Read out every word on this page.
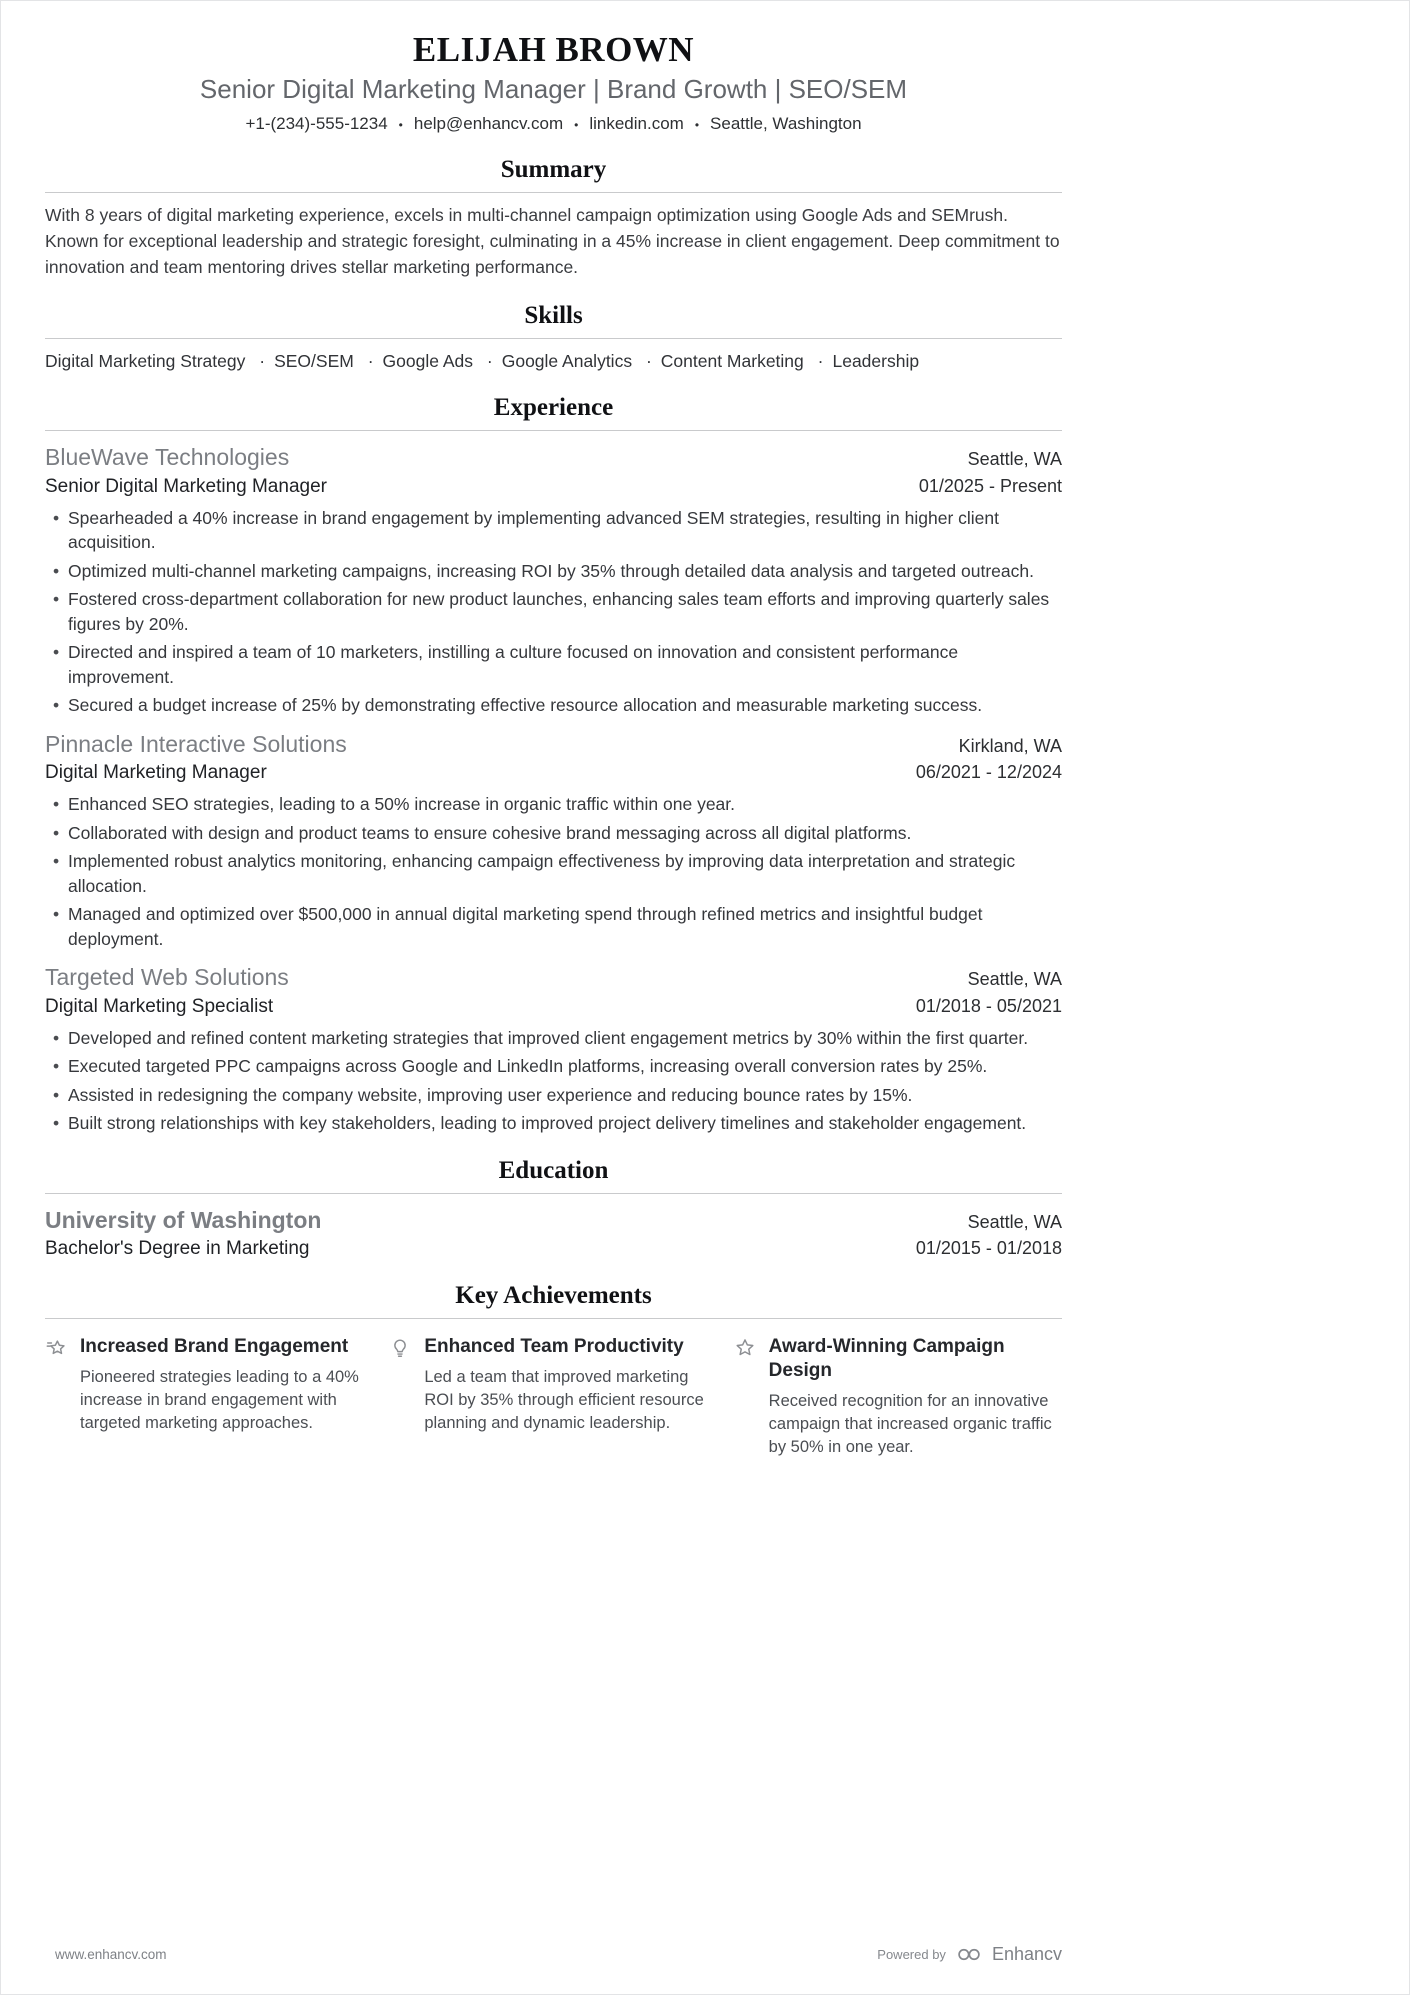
ELIJAH BROWN
Senior Digital Marketing Manager | Brand Growth | SEO/SEM
+1-(234)-555-1234	• help@enhancv.com	• linkedin.com	• Seattle, Washington
Summary

With 8 years of digital marketing experience, excels in multi-channel campaign optimization using Google Ads and SEMrush. Known for exceptional leadership and strategic foresight, culminating in a 45% increase in client engagement. Deep commitment to innovation and team mentoring drives stellar marketing performance.

Skills
Digital Marketing Strategy · SEO/SEM · Google Ads · Google Analytics · Content Marketing · Leadership
Experience
BlueWave Technologies	Seattle, WA
Senior Digital Marketing Manager	01/2025 - Present
• Spearheaded a 40% increase in brand engagement by implementing advanced SEM strategies, resulting in higher client acquisition.
• Optimized multi-channel marketing campaigns, increasing ROI by 35% through detailed data analysis and targeted outreach.
• Fostered cross-department collaboration for new product launches, enhancing sales team efforts and improving quarterly sales figures by 20%.
• Directed and inspired a team of 10 marketers, instilling a culture focused on innovation and consistent performance improvement.
• Secured a budget increase of 25% by demonstrating effective resource allocation and measurable marketing success.
Pinnacle Interactive Solutions	Kirkland, WA
Digital Marketing Manager	06/2021 - 12/2024
• Enhanced SEO strategies, leading to a 50% increase in organic traffic within one year.
• Collaborated with design and product teams to ensure cohesive brand messaging across all digital platforms.
• Implemented robust analytics monitoring, enhancing campaign effectiveness by improving data interpretation and strategic allocation.
• Managed and optimized over $500,000 in annual digital marketing spend through refined metrics and insightful budget deployment.
Targeted Web Solutions	Seattle, WA
Digital Marketing Specialist	01/2018 - 05/2021
• Developed and refined content marketing strategies that improved client engagement metrics by 30% within the first quarter.
• Executed targeted PPC campaigns across Google and LinkedIn platforms, increasing overall conversion rates by 25%.
• Assisted in redesigning the company website, improving user experience and reducing bounce rates by 15%.
• Built strong relationships with key stakeholders, leading to improved project delivery timelines and stakeholder engagement.
Education
University of Washington	Seattle, WA
Bachelor's Degree in Marketing	01/2015 - 01/2018
Key Achievements
Increased Brand Engagement
Pioneered strategies leading to a 40% increase in brand engagement with targeted marketing approaches.
Enhanced Team Productivity
Led a team that improved marketing ROI by 35% through efficient resource planning and dynamic leadership.
Award-Winning Campaign Design
Received recognition for an innovative campaign that increased organic traffic by 50% in one year.
www.enhancv.com	Powered by	Enhancv
